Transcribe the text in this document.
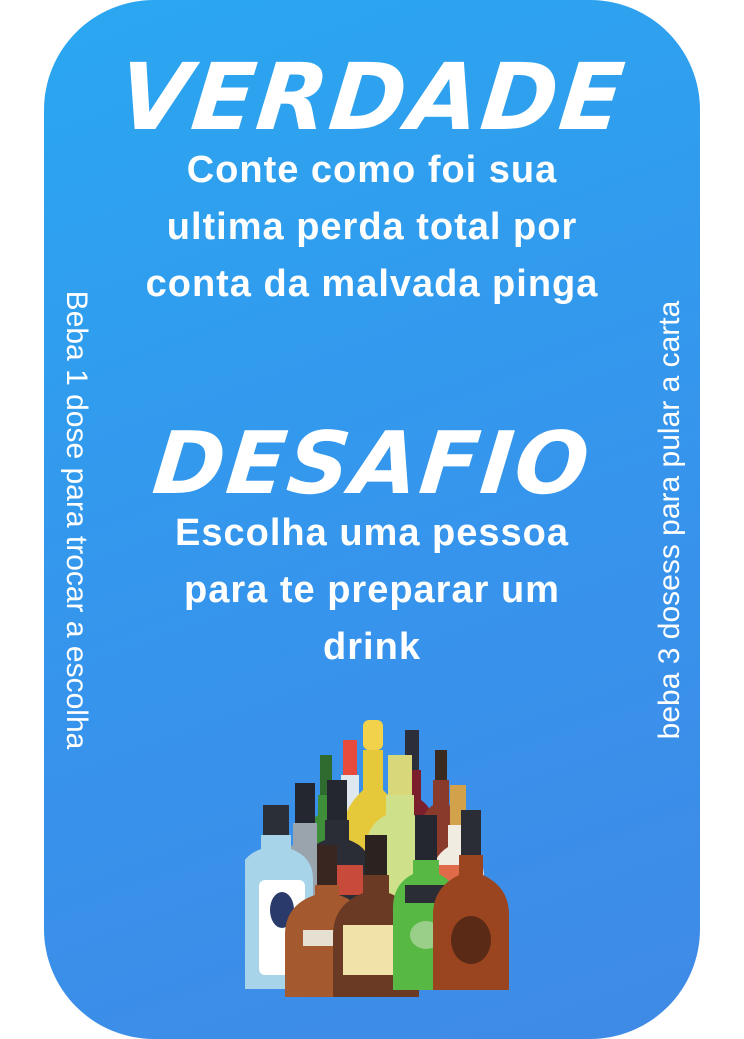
VERDADE
Conte como foi sua
ultima perda total por
conta da malvada pinga
DESAFIO
Escolha uma pessoa
para te preparar um
drink
Beba 1 dose para trocar a escolha	beba 3 dosess para pular a carta
